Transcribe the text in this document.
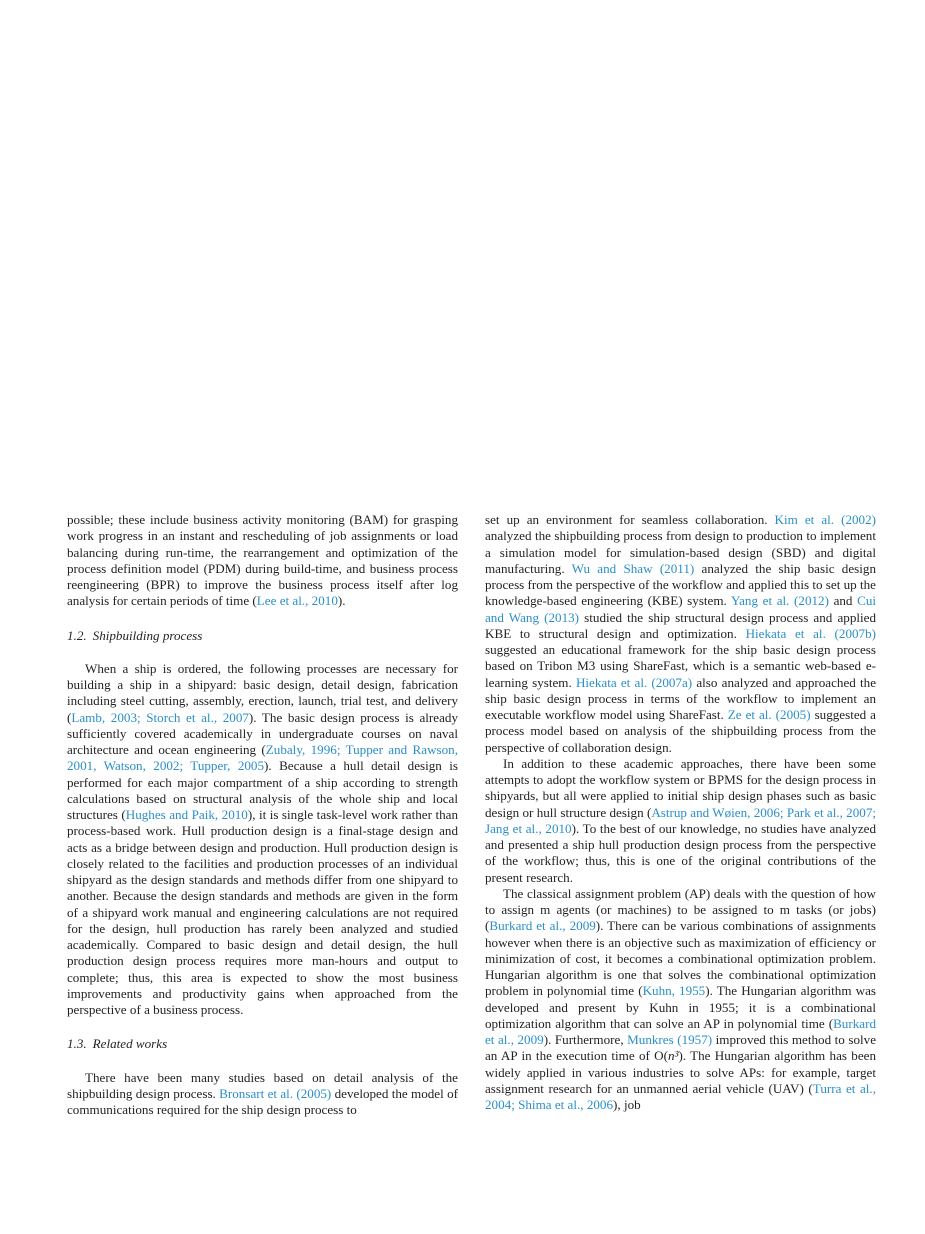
possible; these include business activity monitoring (BAM) for grasping work progress in an instant and rescheduling of job assignments or load balancing during run-time, the rearrangement and optimization of the process definition model (PDM) during build-time, and business process reengineering (BPR) to improve the business process itself after log analysis for certain periods of time (Lee et al., 2010).

1.2. Shipbuilding process

When a ship is ordered, the following processes are necessary for building a ship in a shipyard: basic design, detail design, fabrication including steel cutting, assembly, erection, launch, trial test, and delivery (Lamb, 2003; Storch et al., 2007). The basic design process is already sufficiently covered academically in undergraduate courses on naval architecture and ocean engineering (Zubaly, 1996; Tupper and Rawson, 2001, Watson, 2002; Tupper, 2005). Because a hull detail design is performed for each major compartment of a ship according to strength calculations based on structural analysis of the whole ship and local structures (Hughes and Paik, 2010), it is single task-level work rather than process-based work. Hull production design is a final-stage design and acts as a bridge between design and production. Hull production design is closely related to the facilities and production processes of an individual shipyard as the design standards and methods differ from one shipyard to another. Because the design standards and methods are given in the form of a shipyard work manual and engineering calculations are not required for the design, hull production has rarely been analyzed and studied academically. Compared to basic design and detail design, the hull production design process requires more man-hours and output to complete; thus, this area is expected to show the most business improvements and productivity gains when approached from the perspective of a business process.

1.3. Related works

There have been many studies based on detail analysis of the shipbuilding design process. Bronsart et al. (2005) developed the model of communications required for the ship design process to

set up an environment for seamless collaboration. Kim et al. (2002) analyzed the shipbuilding process from design to production to implement a simulation model for simulation-based design (SBD) and digital manufacturing. Wu and Shaw (2011) analyzed the ship basic design process from the perspective of the workflow and applied this to set up the knowledge-based engineering (KBE) system. Yang et al. (2012) and Cui and Wang (2013) studied the ship structural design process and applied KBE to structural design and optimization. Hiekata et al. (2007b) suggested an educational framework for the ship basic design process based on Tribon M3 using ShareFast, which is a semantic web-based e-learning system. Hiekata et al. (2007a) also analyzed and approached the ship basic design process in terms of the workflow to implement an executable workflow model using ShareFast. Ze et al. (2005) suggested a process model based on analysis of the shipbuilding process from the perspective of collaboration design.

In addition to these academic approaches, there have been some attempts to adopt the workflow system or BPMS for the design process in shipyards, but all were applied to initial ship design phases such as basic design or hull structure design (Astrup and Wøien, 2006; Park et al., 2007; Jang et al., 2010). To the best of our knowledge, no studies have analyzed and presented a ship hull production design process from the perspective of the workflow; thus, this is one of the original contributions of the present research.

The classical assignment problem (AP) deals with the question of how to assign m agents (or machines) to be assigned to m tasks (or jobs) (Burkard et al., 2009). There can be various combinations of assignments however when there is an objective such as maximization of efficiency or minimization of cost, it becomes a combinational optimization problem. Hungarian algorithm is one that solves the combinational optimization problem in polynomial time (Kuhn, 1955). The Hungarian algorithm was developed and present by Kuhn in 1955; it is a combinational optimization algorithm that can solve an AP in polynomial time (Burkard et al., 2009). Furthermore, Munkres (1957) improved this method to solve an AP in the execution time of O(n³). The Hungarian algorithm has been widely applied in various industries to solve APs: for example, target assignment research for an unmanned aerial vehicle (UAV) (Turra et al., 2004; Shima et al., 2006), job
